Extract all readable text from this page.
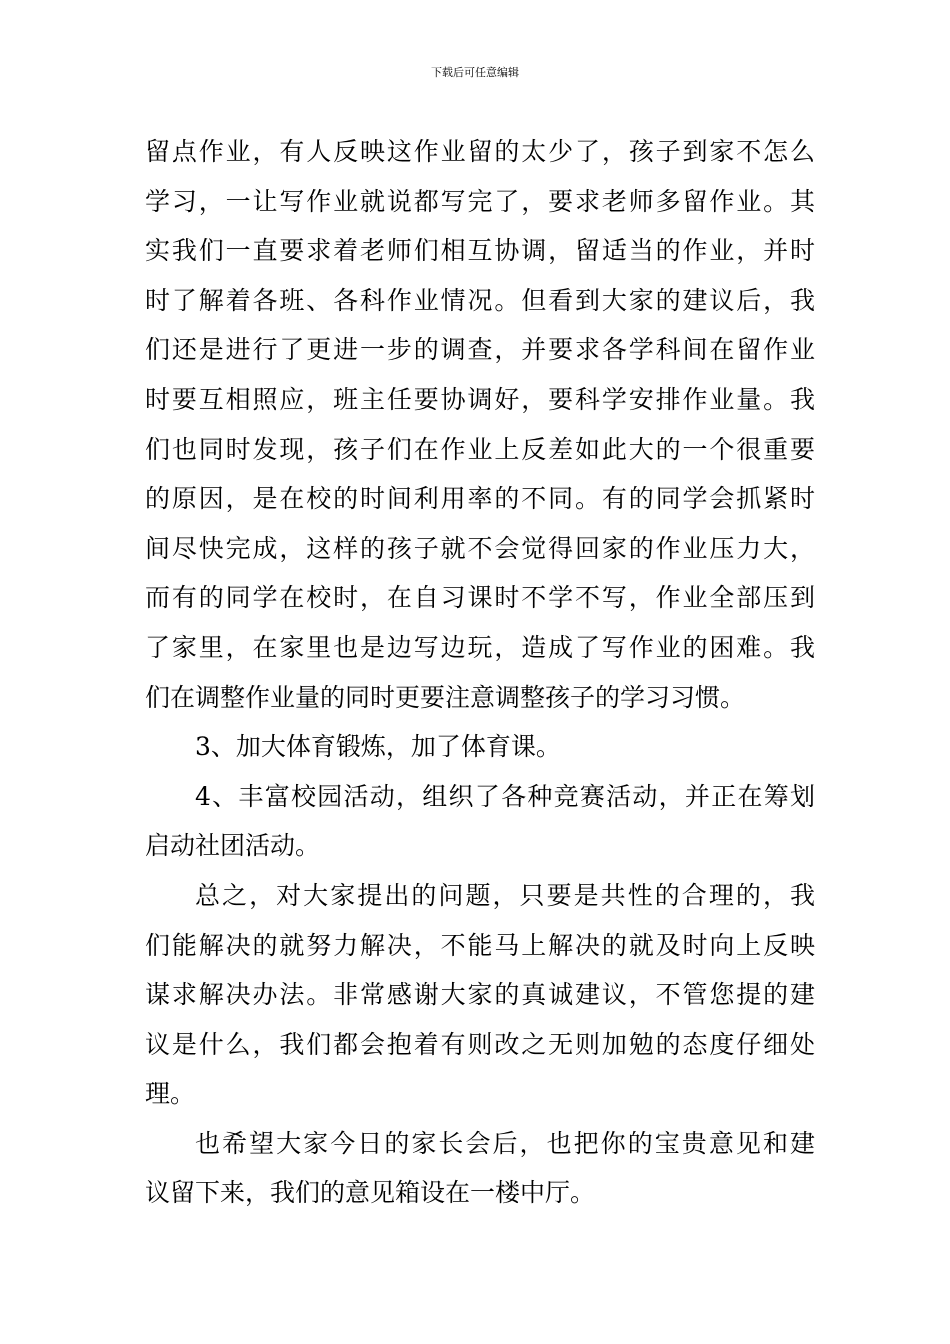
下载后可任意编辑
留点作业，有人反映这作业留的太少了，孩子到家不怎么
学习，一让写作业就说都写完了，要求老师多留作业。其
实我们一直要求着老师们相互协调，留适当的作业，并时
时了解着各班、各科作业情况。但看到大家的建议后，我
们还是进行了更进一步的调查，并要求各学科间在留作业
时要互相照应，班主任要协调好，要科学安排作业量。我
们也同时发现，孩子们在作业上反差如此大的一个很重要
的原因，是在校的时间利用率的不同。有的同学会抓紧时
间尽快完成，这样的孩子就不会觉得回家的作业压力大，
而有的同学在校时，在自习课时不学不写，作业全部压到
了家里，在家里也是边写边玩，造成了写作业的困难。我
们在调整作业量的同时更要注意调整孩子的学习习惯。
3、加大体育锻炼，加了体育课。
4、丰富校园活动，组织了各种竞赛活动，并正在筹划
启动社团活动。
总之，对大家提出的问题，只要是共性的合理的，我
们能解决的就努力解决，不能马上解决的就及时向上反映
谋求解决办法。非常感谢大家的真诚建议，不管您提的建
议是什么，我们都会抱着有则改之无则加勉的态度仔细处
理。
也希望大家今日的家长会后，也把你的宝贵意见和建
议留下来，我们的意见箱设在一楼中厅。
